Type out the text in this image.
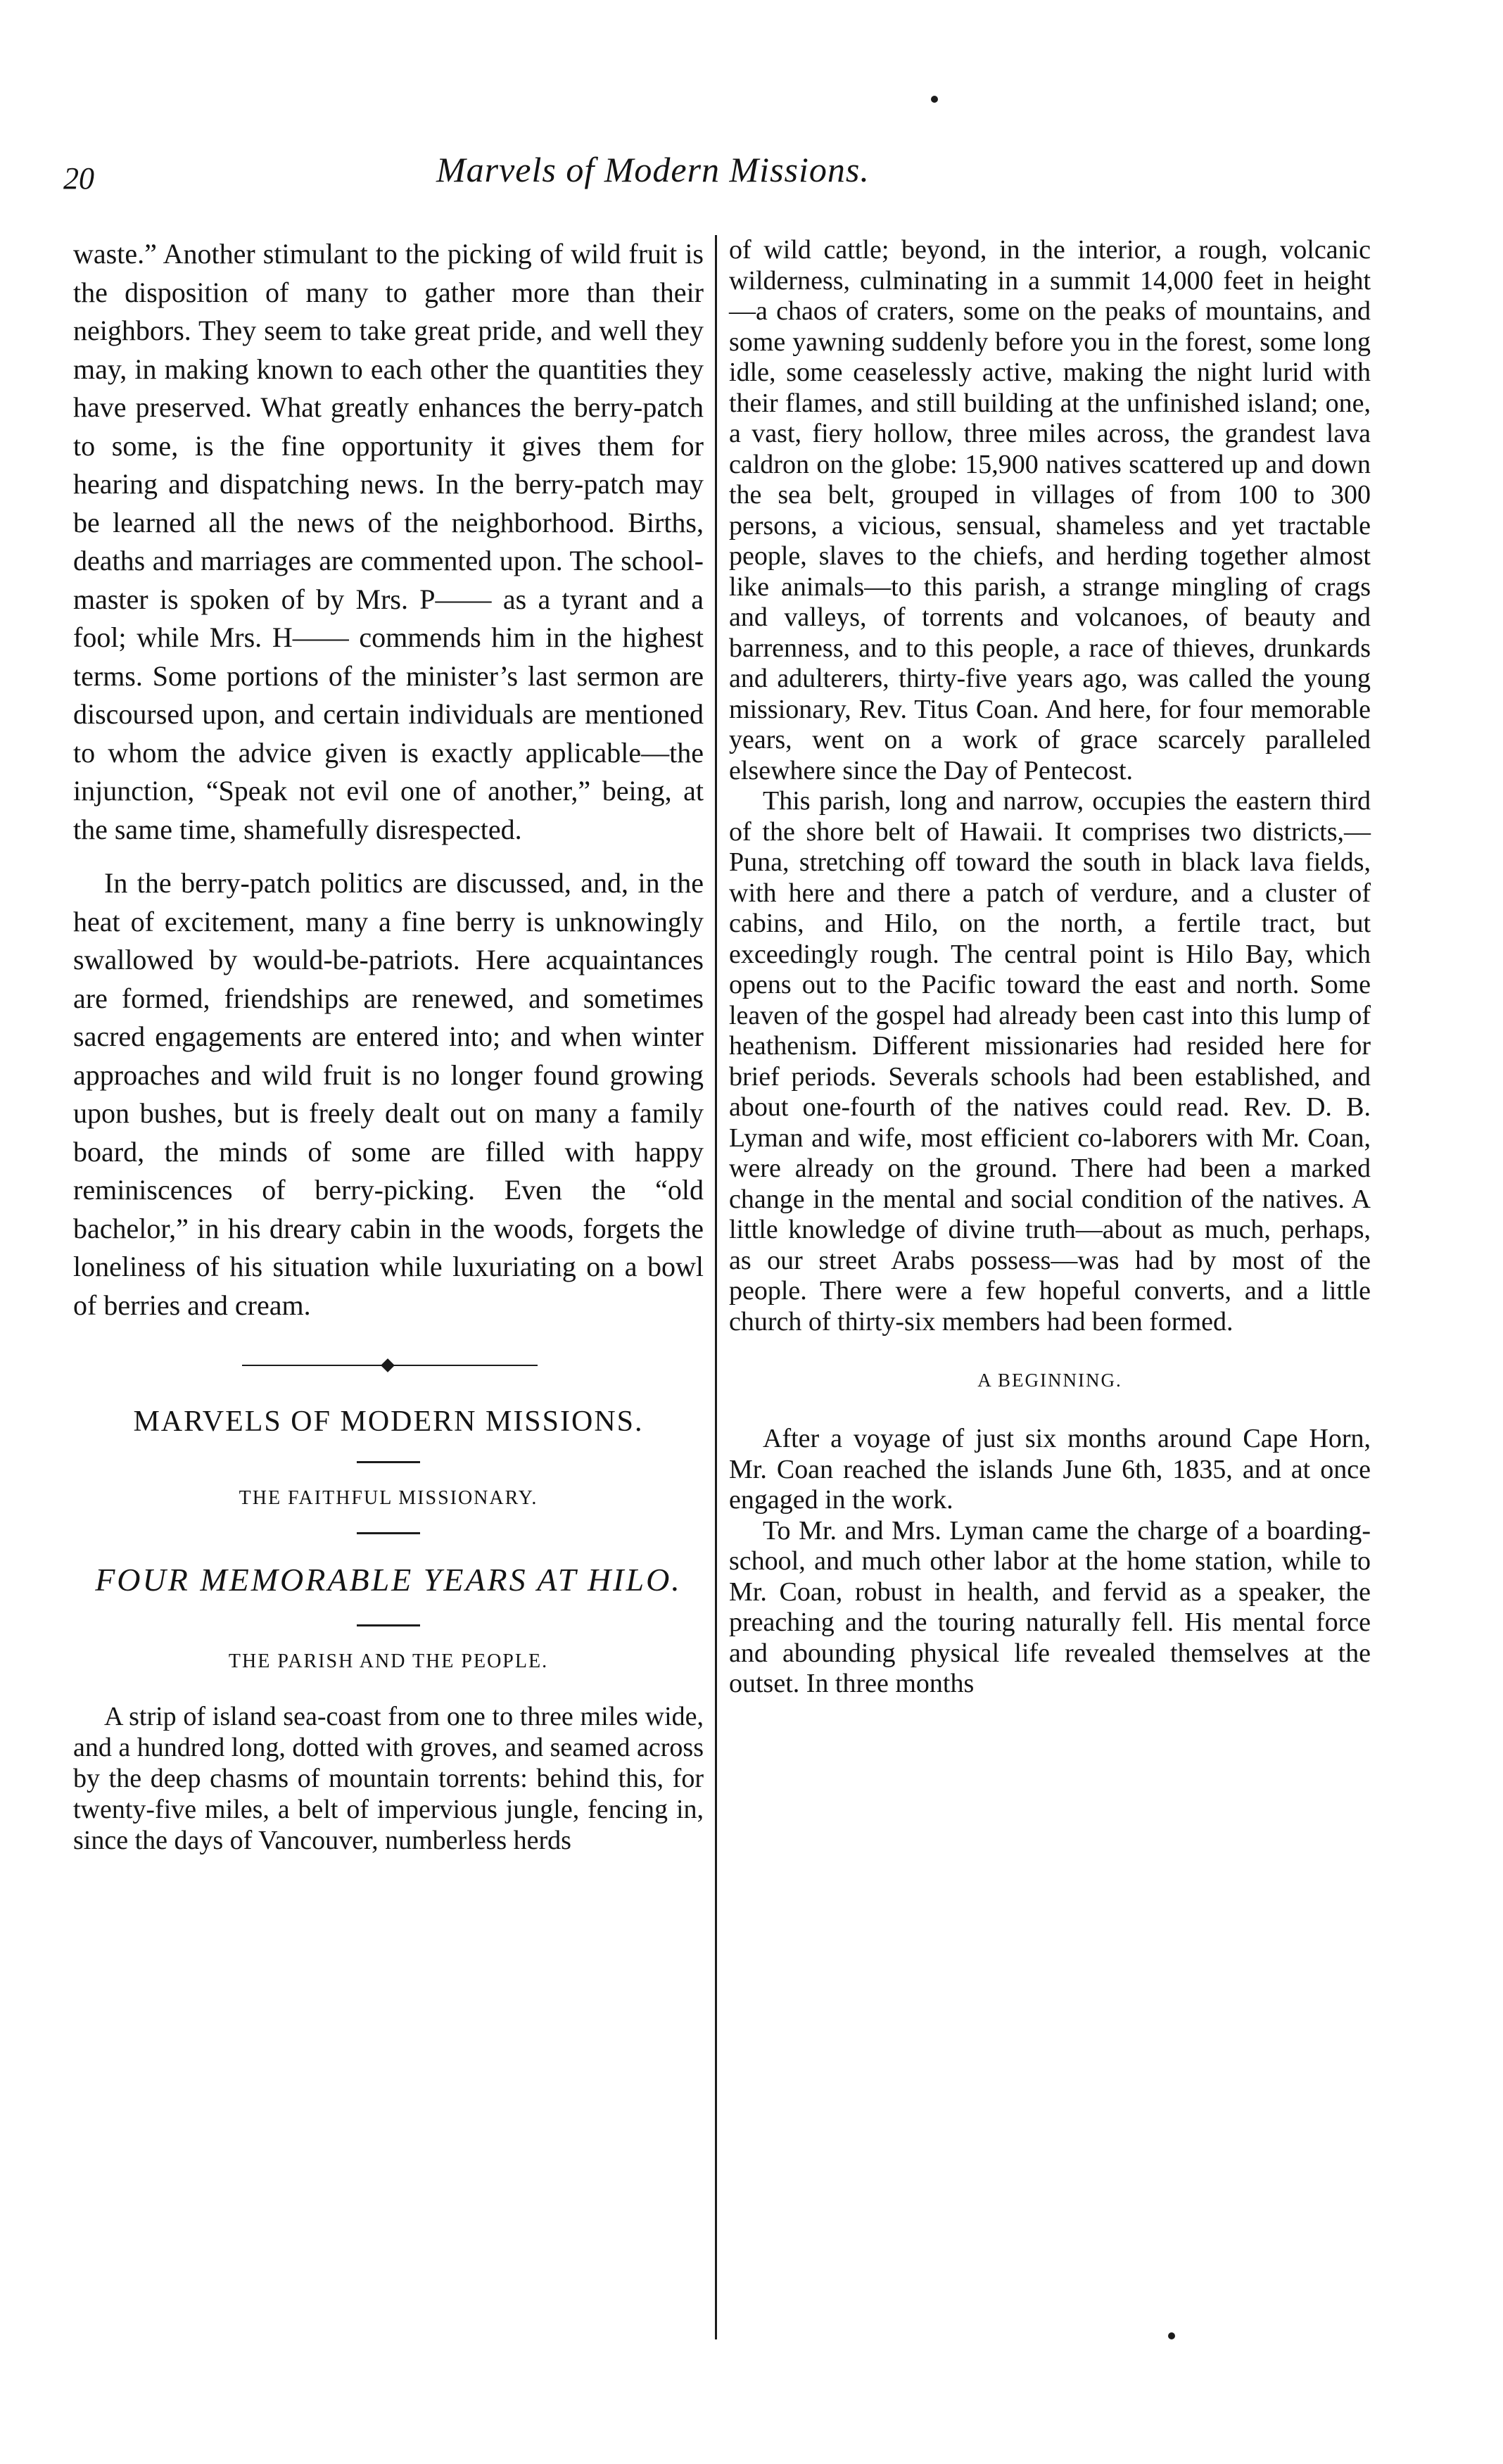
20	Marvels of Modern Missions.

waste.” Another stimulant to the picking of wild fruit is the disposition of many to gather more than their neighbors. They seem to take great pride, and well they may, in making known to each other the quantities they have preserved. What greatly enhances the berry-patch to some, is the fine opportunity it gives them for hearing and dispatching news. In the berry-patch may be learned all the news of the neighborhood. Births, deaths and marriages are commented upon. The school-master is spoken of by Mrs. P—— as a tyrant and a fool; while Mrs. H—— commends him in the highest terms. Some portions of the minister’s last sermon are discoursed upon, and certain individuals are mentioned to whom the advice given is exactly applicable—the injunction, “Speak not evil one of another,” being, at the same time, shamefully disrespected.

In the berry-patch politics are discussed, and, in the heat of excitement, many a fine berry is unknowingly swallowed by would-be-patriots. Here acquaintances are formed, friendships are renewed, and sometimes sacred engagements are entered into; and when winter approaches and wild fruit is no longer found growing upon bushes, but is freely dealt out on many a family board, the minds of some are filled with happy reminiscences of berry-picking. Even the “old bachelor,” in his dreary cabin in the woods, forgets the loneliness of his situation while luxuriating on a bowl of berries and cream.

MARVELS OF MODERN MISSIONS.
THE FAITHFUL MISSIONARY.
FOUR MEMORABLE YEARS AT HILO.
THE PARISH AND THE PEOPLE.

A strip of island sea-coast from one to three miles wide, and a hundred long, dotted with groves, and seamed across by the deep chasms of mountain torrents: behind this, for twenty-five miles, a belt of impervious jungle, fencing in, since the days of Vancouver, numberless herds

of wild cattle; beyond, in the interior, a rough, volcanic wilderness, culminating in a summit 14,000 feet in height—a chaos of craters, some on the peaks of mountains, and some yawning suddenly before you in the forest, some long idle, some ceaselessly active, making the night lurid with their flames, and still building at the unfinished island; one, a vast, fiery hollow, three miles across, the grandest lava caldron on the globe: 15,900 natives scattered up and down the sea belt, grouped in villages of from 100 to 300 persons, a vicious, sensual, shameless and yet tractable people, slaves to the chiefs, and herding together almost like animals—to this parish, a strange mingling of crags and valleys, of torrents and volcanoes, of beauty and barrenness, and to this people, a race of thieves, drunkards and adulterers, thirty-five years ago, was called the young missionary, Rev. Titus Coan. And here, for four memorable years, went on a work of grace scarcely paralleled elsewhere since the Day of Pentecost.

This parish, long and narrow, occupies the eastern third of the shore belt of Hawaii. It comprises two districts,—Puna, stretching off toward the south in black lava fields, with here and there a patch of verdure, and a cluster of cabins, and Hilo, on the north, a fertile tract, but exceedingly rough. The central point is Hilo Bay, which opens out to the Pacific toward the east and north. Some leaven of the gospel had already been cast into this lump of heathenism. Different missionaries had resided here for brief periods. Severals schools had been established, and about one-fourth of the natives could read. Rev. D. B. Lyman and wife, most efficient co-laborers with Mr. Coan, were already on the ground. There had been a marked change in the mental and social condition of the natives. A little knowledge of divine truth—about as much, perhaps, as our street Arabs possess—was had by most of the people. There were a few hopeful converts, and a little church of thirty-six members had been formed.

A BEGINNING.

After a voyage of just six months around Cape Horn, Mr. Coan reached the islands June 6th, 1835, and at once engaged in the work.

To Mr. and Mrs. Lyman came the charge of a boarding-school, and much other labor at the home station, while to Mr. Coan, robust in health, and fervid as a speaker, the preaching and the touring naturally fell. His mental force and abounding physical life revealed themselves at the outset. In three months
